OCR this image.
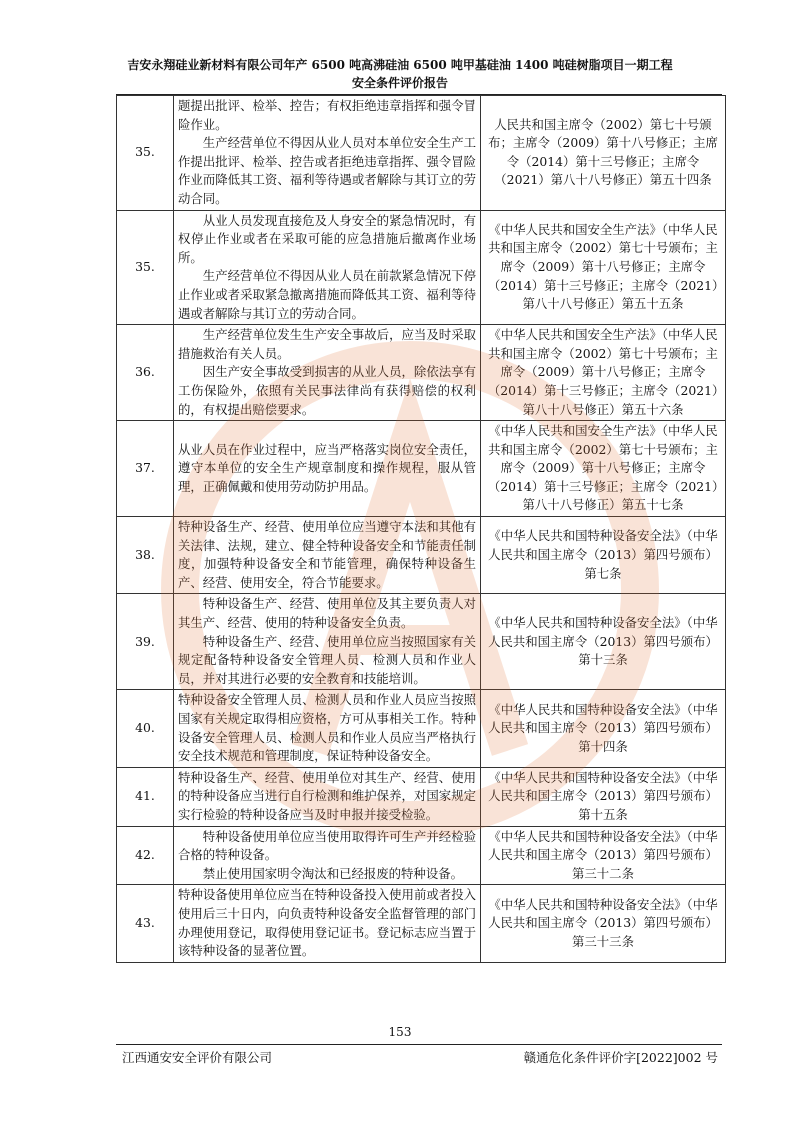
吉安永翔硅业新材料有限公司年产 6500 吨高沸硅油 6500 吨甲基硅油 1400 吨硅树脂项目一期工程
安全条件评价报告
35.	题提出批评、检举、控告；有权拒绝违章指挥和强令冒险作业。

生产经营单位不得因从业人员对本单位安全生产工作提出批评、检举、控告或者拒绝违章指挥、强令冒险作业而降低其工资、福利等待遇或者解除与其订立的劳动合同。	人民共和国主席令（2002）第七十号颁布；主席令（2009）第十八号修正；主席令（2014）第十三号修正；主席令（2021）第八十八号修正）第五十四条
35.	从业人员发现直接危及人身安全的紧急情况时，有权停止作业或者在采取可能的应急措施后撤离作业场所。

生产经营单位不得因从业人员在前款紧急情况下停止作业或者采取紧急撤离措施而降低其工资、福利等待遇或者解除与其订立的劳动合同。	《中华人民共和国安全生产法》（中华人民共和国主席令（2002）第七十号颁布；主席令（2009）第十八号修正；主席令（2014）第十三号修正；主席令（2021）第八十八号修正）第五十五条
36.	生产经营单位发生生产安全事故后，应当及时采取措施救治有关人员。

因生产安全事故受到损害的从业人员，除依法享有工伤保险外，依照有关民事法律尚有获得赔偿的权利的，有权提出赔偿要求。	《中华人民共和国安全生产法》（中华人民共和国主席令（2002）第七十号颁布；主席令（2009）第十八号修正；主席令（2014）第十三号修正；主席令（2021）第八十八号修正）第五十六条
37.	从业人员在作业过程中，应当严格落实岗位安全责任，遵守本单位的安全生产规章制度和操作规程，服从管理，正确佩戴和使用劳动防护用品。	《中华人民共和国安全生产法》（中华人民共和国主席令（2002）第七十号颁布；主席令（2009）第十八号修正；主席令（2014）第十三号修正；主席令（2021）第八十八号修正）第五十七条
38.	特种设备生产、经营、使用单位应当遵守本法和其他有关法律、法规，建立、健全特种设备安全和节能责任制度，加强特种设备安全和节能管理，确保特种设备生产、经营、使用安全，符合节能要求。	《中华人民共和国特种设备安全法》（中华人民共和国主席令（2013）第四号颁布）第七条
39.	特种设备生产、经营、使用单位及其主要负责人对其生产、经营、使用的特种设备安全负责。

特种设备生产、经营、使用单位应当按照国家有关规定配备特种设备安全管理人员、检测人员和作业人员，并对其进行必要的安全教育和技能培训。	《中华人民共和国特种设备安全法》（中华人民共和国主席令（2013）第四号颁布）第十三条
40.	特种设备安全管理人员、检测人员和作业人员应当按照国家有关规定取得相应资格，方可从事相关工作。特种设备安全管理人员、检测人员和作业人员应当严格执行安全技术规范和管理制度，保证特种设备安全。	《中华人民共和国特种设备安全法》（中华人民共和国主席令（2013）第四号颁布）第十四条
41.	特种设备生产、经营、使用单位对其生产、经营、使用的特种设备应当进行自行检测和维护保养，对国家规定实行检验的特种设备应当及时申报并接受检验。	《中华人民共和国特种设备安全法》（中华人民共和国主席令（2013）第四号颁布）第十五条
42.	特种设备使用单位应当使用取得许可生产并经检验合格的特种设备。

禁止使用国家明令淘汰和已经报废的特种设备。	《中华人民共和国特种设备安全法》（中华人民共和国主席令（2013）第四号颁布）第三十二条
43.	特种设备使用单位应当在特种设备投入使用前或者投入使用后三十日内，向负责特种设备安全监督管理的部门办理使用登记，取得使用登记证书。登记标志应当置于该特种设备的显著位置。	《中华人民共和国特种设备安全法》（中华人民共和国主席令（2013）第四号颁布）第三十三条
153
江西通安安全评价有限公司	赣通危化条件评价字[2022]002 号
